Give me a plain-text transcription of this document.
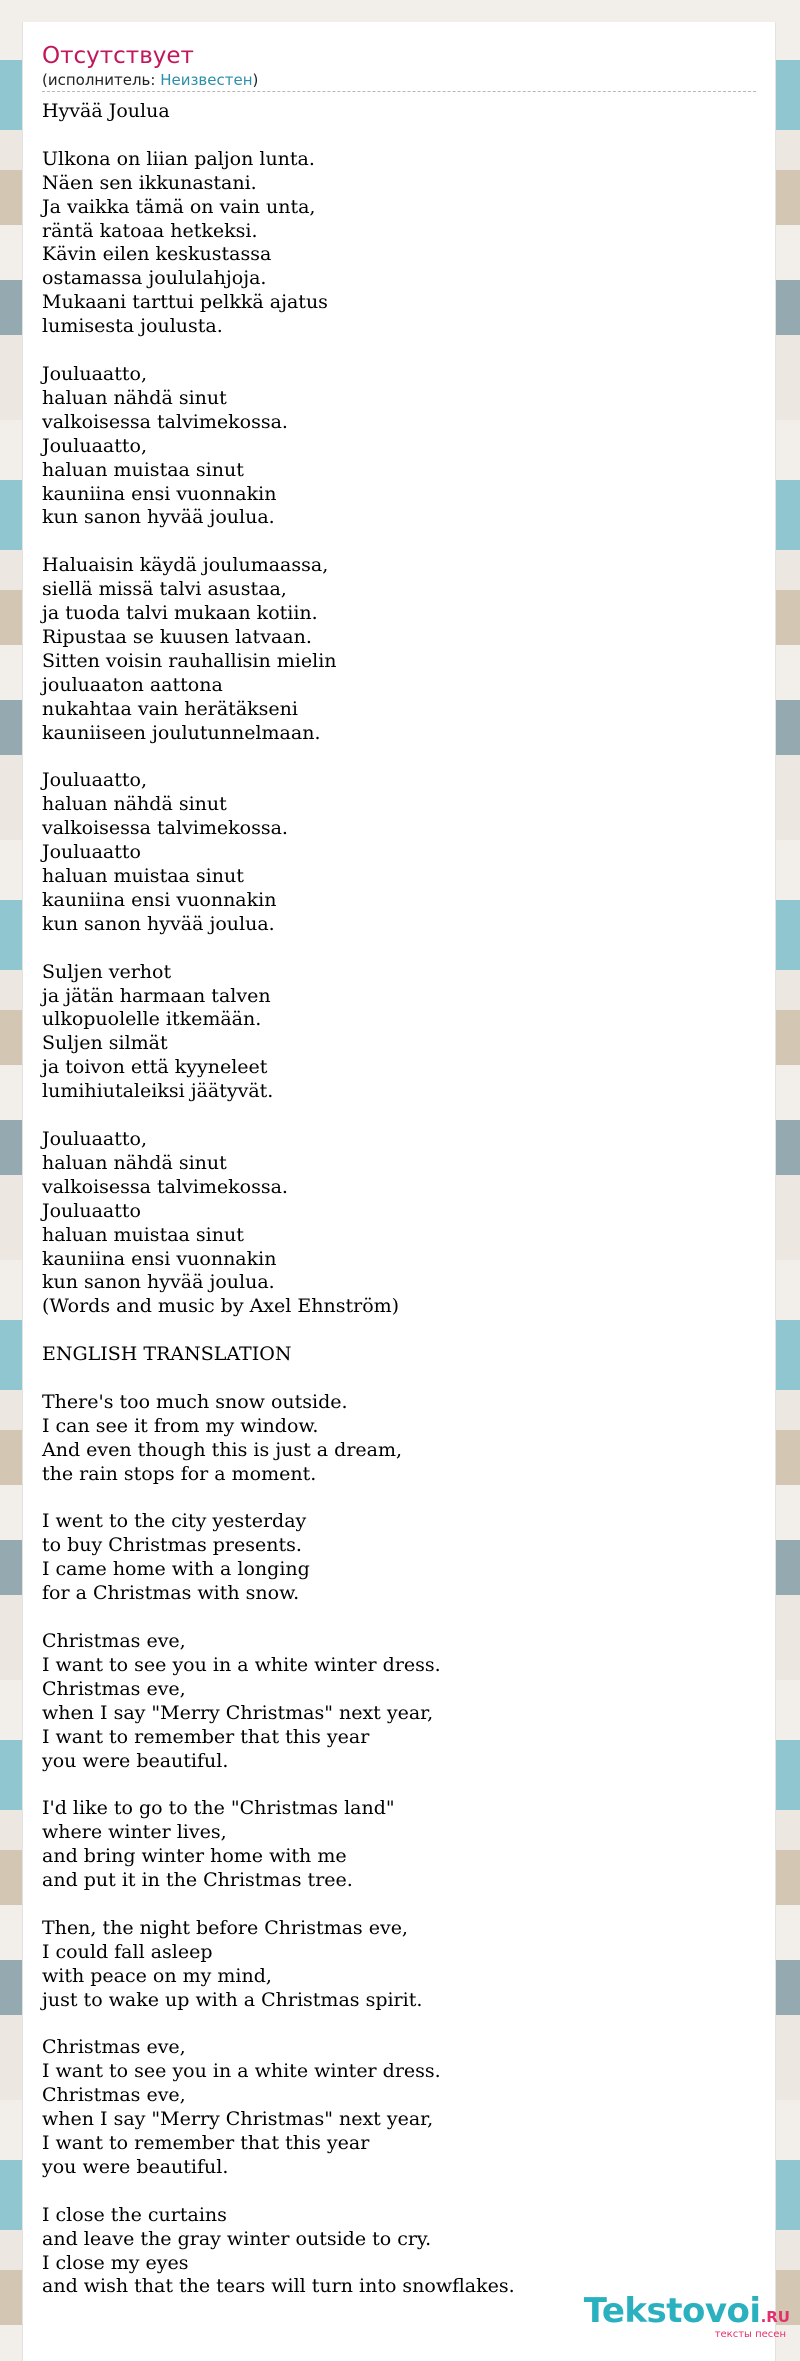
Отсутствует
(исполнитель: Неизвестен)
Hyvää Joulua

Ulkona on liian paljon lunta.
Näen sen ikkunastani.
Ja vaikka tämä on vain unta,
räntä katoaa hetkeksi.
Kävin eilen keskustassa
ostamassa joululahjoja.
Mukaani tarttui pelkkä ajatus
lumisesta joulusta.

Jouluaatto,
haluan nähdä sinut
valkoisessa talvimekossa.
Jouluaatto,
haluan muistaa sinut
kauniina ensi vuonnakin
kun sanon hyvää joulua.

Haluaisin käydä joulumaassa,
siellä missä talvi asustaa,
ja tuoda talvi mukaan kotiin.
Ripustaa se kuusen latvaan.
Sitten voisin rauhallisin mielin
jouluaaton aattona
nukahtaa vain herätäkseni
kauniiseen joulutunnelmaan.

Jouluaatto,
haluan nähdä sinut
valkoisessa talvimekossa.
Jouluaatto
haluan muistaa sinut
kauniina ensi vuonnakin
kun sanon hyvää joulua.

Suljen verhot
ja jätän harmaan talven
ulkopuolelle itkemään.
Suljen silmät
ja toivon että kyyneleet
lumihiutaleiksi jäätyvät.

Jouluaatto,
haluan nähdä sinut
valkoisessa talvimekossa.
Jouluaatto
haluan muistaa sinut
kauniina ensi vuonnakin
kun sanon hyvää joulua.
(Words and music by Axel Ehnström)

ENGLISH TRANSLATION

There's too much snow outside.
I can see it from my window.
And even though this is just a dream,
the rain stops for a moment.

I went to the city yesterday
to buy Christmas presents.
I came home with a longing
for a Christmas with snow.

Christmas eve,
I want to see you in a white winter dress.
Christmas eve,
when I say "Merry Christmas" next year,
I want to remember that this year
you were beautiful.

I'd like to go to the "Christmas land"
where winter lives,
and bring winter home with me
and put it in the Christmas tree.

Then, the night before Christmas eve,
I could fall asleep
with peace on my mind,
just to wake up with a Christmas spirit.

Christmas eve,
I want to see you in a white winter dress.
Christmas eve,
when I say "Merry Christmas" next year,
I want to remember that this year
you were beautiful.

I close the curtains
and leave the gray winter outside to cry.
I close my eyes
and wish that the tears will turn into snowflakes.
Tekstovoi.RU
тексты песен
